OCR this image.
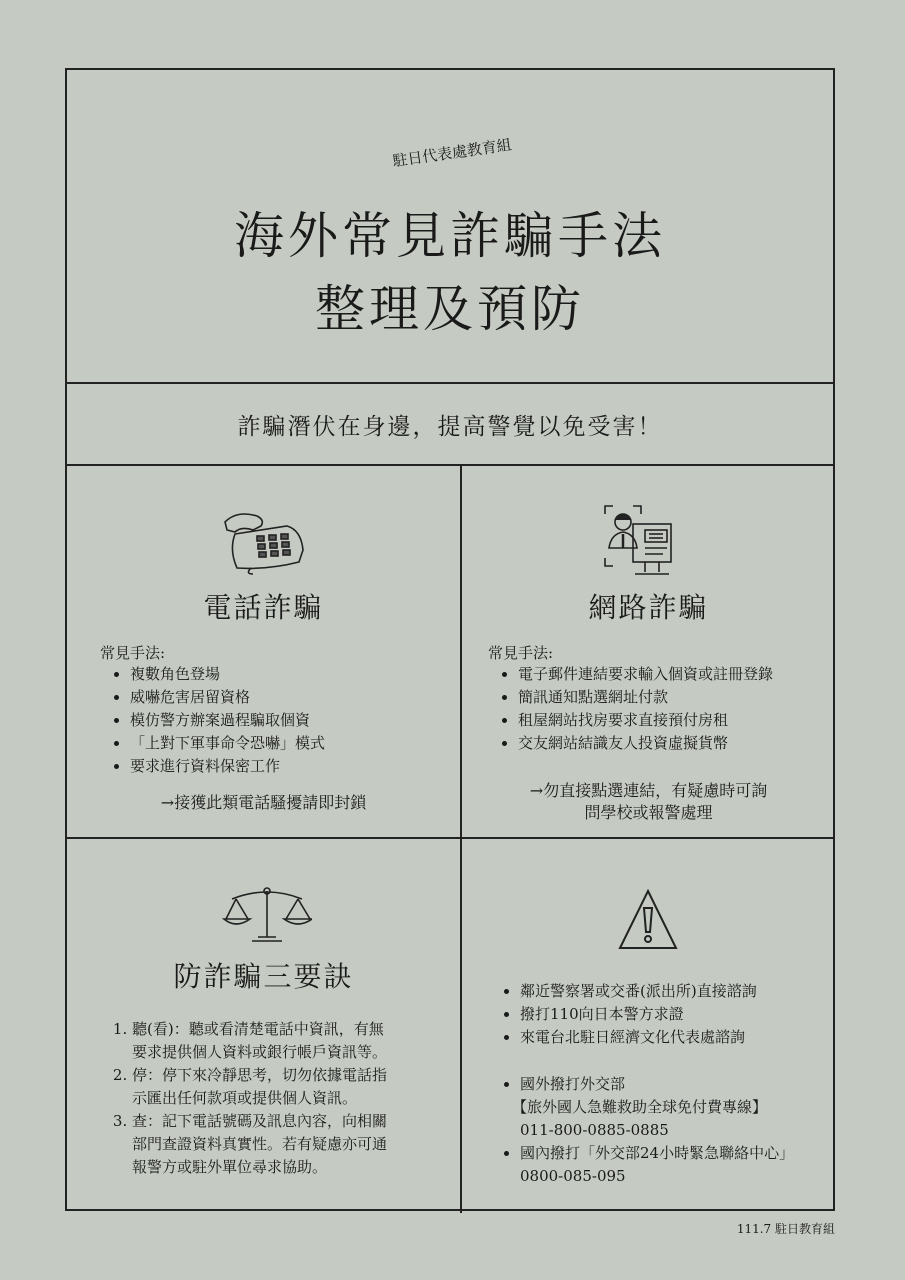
駐日代表處教育組
海外常見詐騙手法
整理及預防
詐騙潛伏在身邊，提高警覺以免受害！
電話詐騙
常見手法:
• 複數角色登場
• 威嚇危害居留資格
• 模仿警方辦案過程騙取個資
• 「上對下軍事命令恐嚇」模式
• 要求進行資料保密工作
→接獲此類電話騷擾請即封鎖
網路詐騙
常見手法:
• 電子郵件連結要求輸入個資或註冊登錄
• 簡訊通知點選網址付款
• 租屋網站找房要求直接預付房租
• 交友網站結識友人投資虛擬貨幣
→勿直接點選連結，有疑慮時可詢
問學校或報警處理
防詐騙三要訣
1. 聽(看)：聽或看清楚電話中資訊，有無
要求提供個人資料或銀行帳戶資訊等。
2. 停：停下來冷靜思考，切勿依據電話指
示匯出任何款項或提供個人資訊。
3. 查：記下電話號碼及訊息內容，向相關
部門查證資料真實性。若有疑慮亦可通
報警方或駐外單位尋求協助。
• 鄰近警察署或交番(派出所)直接諮詢
• 撥打110向日本警方求證
• 來電台北駐日經濟文化代表處諮詢
• 國外撥打外交部
【旅外國人急難救助全球免付費專線】
011-800-0885-0885
• 國內撥打「外交部24小時緊急聯絡中心」
0800-085-095
111.7 駐日教育組
